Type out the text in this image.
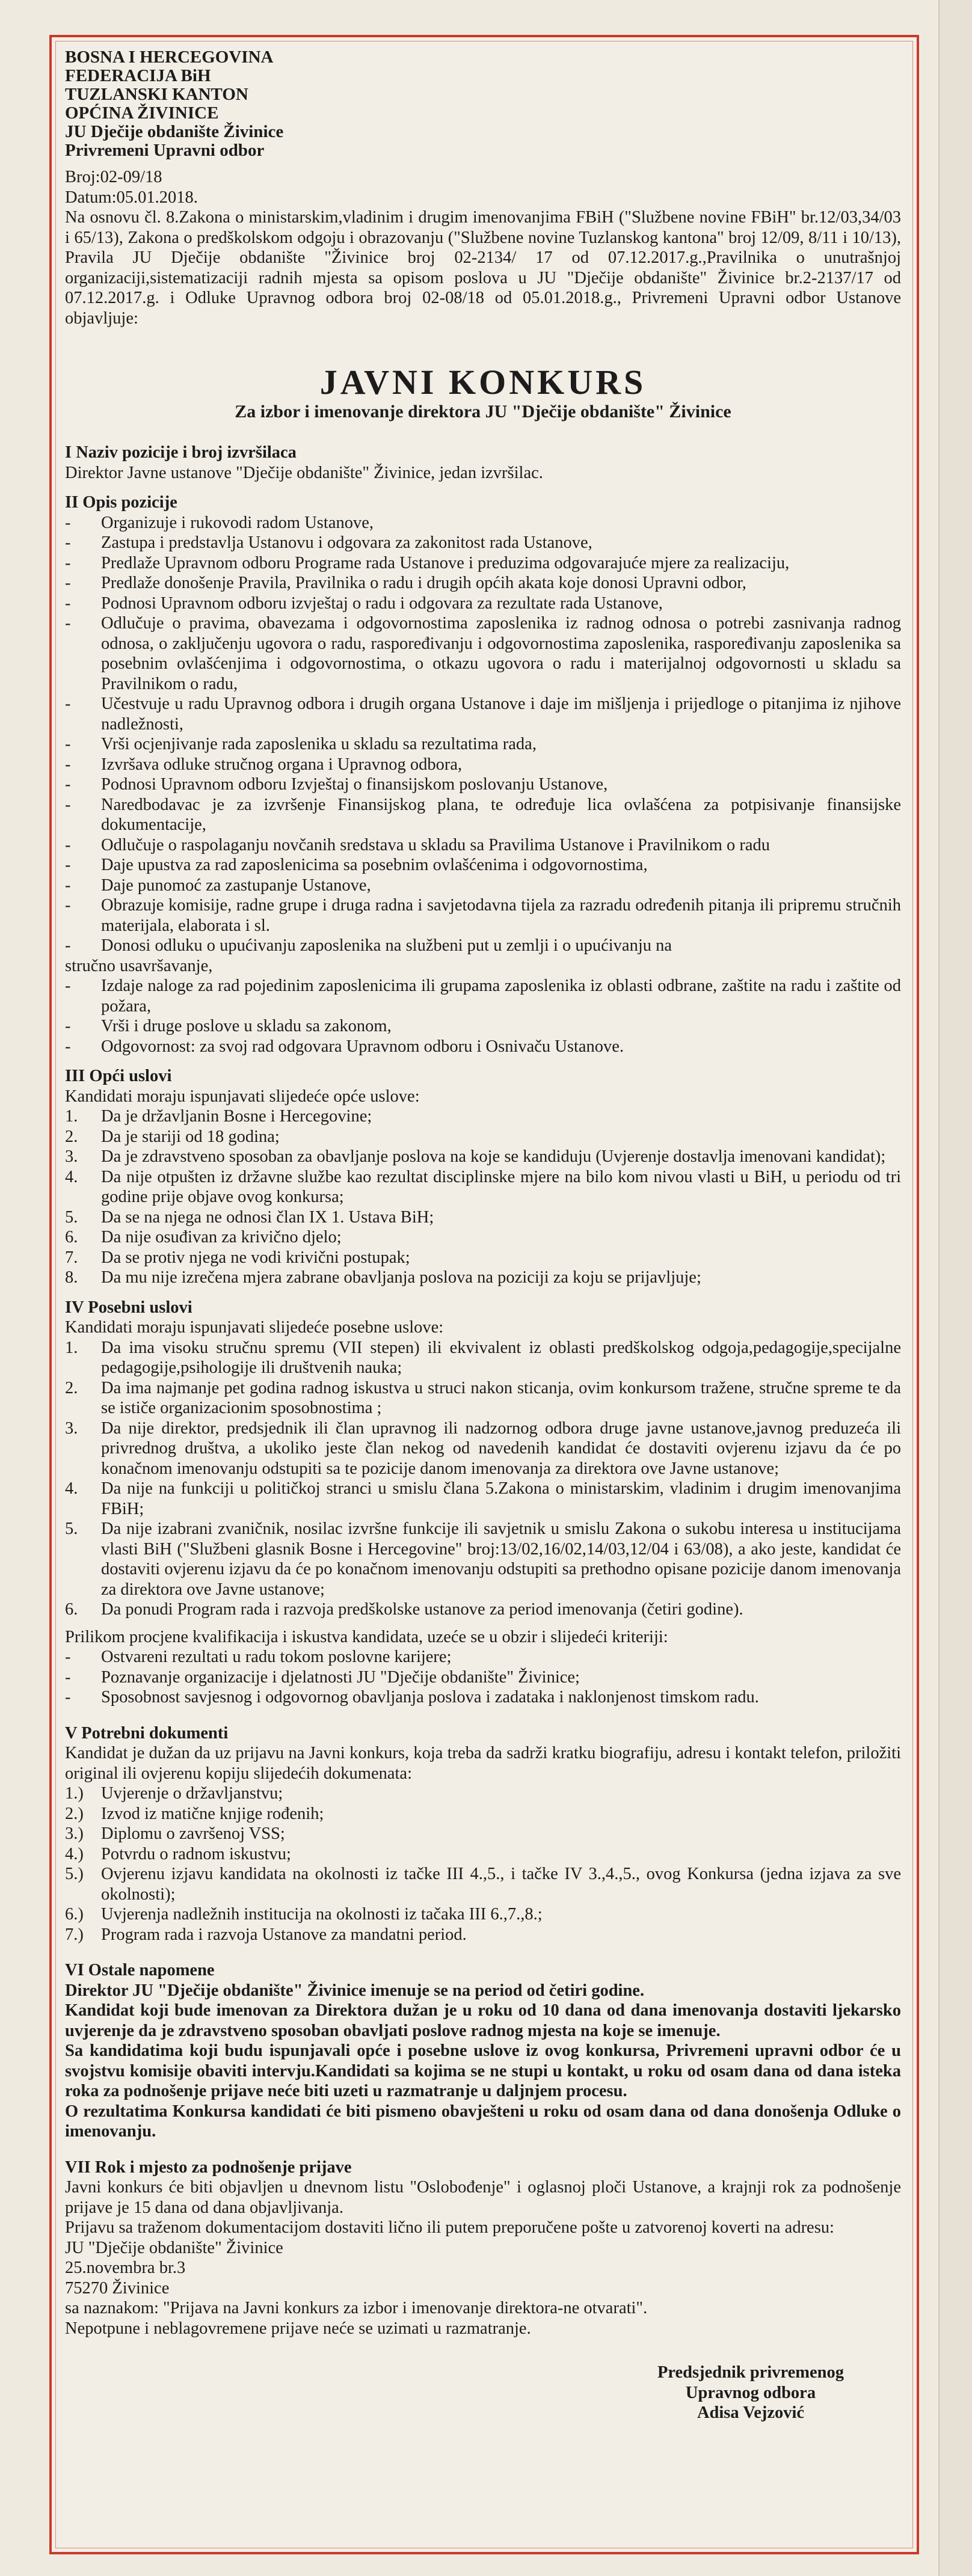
BOSNA I HERCEGOVINA
FEDERACIJA BiH
TUZLANSKI KANTON
OPĆINA ŽIVINICE
JU Dječije obdanište Živinice
Privremeni Upravni odbor
Broj:02-09/18
Datum:05.01.2018.

Na osnovu čl. 8.Zakona o ministarskim,vladinim i drugim imenovanjima FBiH ("Službene novine FBiH" br.12/03,34/03 i 65/13), Zakona o predškolskom odgoju i obrazovanju ("Službene novine Tuzlanskog kantona" broj 12/09, 8/11 i 10/13), Pravila JU Dječije obdanište "Živinice broj 02-2134/ 17 od 07.12.2017.g.,Pravilnika o unutrašnjoj organizaciji,sistematizaciji radnih mjesta sa opisom poslova u JU "Dječije obdanište" Živinice br.2-2137/17 od 07.12.2017.g. i Odluke Upravnog odbora broj 02-08/18 od 05.01.2018.g., Privremeni Upravni odbor Ustanove objavljuje:

JAVNI KONKURS
Za izbor i imenovanje direktora JU "Dječije obdanište" Živinice
I Naziv pozicije i broj izvršilaca

Direktor Javne ustanove "Dječije obdanište" Živinice, jedan izvršilac.

II Opis pozicije
- Organizuje i rukovodi radom Ustanove,
- Zastupa i predstavlja Ustanovu i odgovara za zakonitost rada Ustanove,
- Predlaže Upravnom odboru Programe rada Ustanove i preduzima odgovarajuće mjere za realizaciju,
- Predlaže donošenje Pravila, Pravilnika o radu i drugih općih akata koje donosi Upravni odbor,
- Podnosi Upravnom odboru izvještaj o radu i odgovara za rezultate rada Ustanove,
- Odlučuje o pravima, obavezama i odgovornostima zaposlenika iz radnog odnosa o potrebi zasnivanja radnog odnosa, o zaključenju ugovora o radu, raspoređivanju i odgovornostima zaposlenika, raspoređivanju zaposlenika sa posebnim ovlašćenjima i odgovornostima, o otkazu ugovora o radu i materijalnoj odgovornosti u skladu sa Pravilnikom o radu,
- Učestvuje u radu Upravnog odbora i drugih organa Ustanove i daje im mišljenja i prijedloge o pitanjima iz njihove nadležnosti,
- Vrši ocjenjivanje rada zaposlenika u skladu sa rezultatima rada,
- Izvršava odluke stručnog organa i Upravnog odbora,
- Podnosi Upravnom odboru Izvještaj o finansijskom poslovanju Ustanove,
- Naredbodavac je za izvršenje Finansijskog plana, te određuje lica ovlašćena za potpisivanje finansijske dokumentacije,
- Odlučuje o raspolaganju novčanih sredstava u skladu sa Pravilima Ustanove i Pravilnikom o radu
- Daje upustva za rad zaposlenicima sa posebnim ovlašćenima i odgovornostima,
- Daje punomoć za zastupanje Ustanove,
- Obrazuje komisije, radne grupe i druga radna i savjetodavna tijela za razradu određenih pitanja ili pripremu stručnih materijala, elaborata i sl.
- Donosi odluku o upućivanju zaposlenika na službeni put u zemlji i o upućivanju na

stručno usavršavanje,

- Izdaje naloge za rad pojedinim zaposlenicima ili grupama zaposlenika iz oblasti odbrane, zaštite na radu i zaštite od požara,
- Vrši i druge poslove u skladu sa zakonom,
- Odgovornost: za svoj rad odgovara Upravnom odboru i Osnivaču Ustanove.
III Opći uslovi

Kandidati moraju ispunjavati slijedeće opće uslove:

1. Da je državljanin Bosne i Hercegovine;
2. Da je stariji od 18 godina;
3. Da je zdravstveno sposoban za obavljanje poslova na koje se kandiduju (Uvjerenje dostavlja imenovani kandidat);
4. Da nije otpušten iz državne službe kao rezultat disciplinske mjere na bilo kom nivou vlasti u BiH, u periodu od tri godine prije objave ovog konkursa;
5. Da se na njega ne odnosi član IX 1. Ustava BiH;
6. Da nije osuđivan za krivično djelo;
7. Da se protiv njega ne vodi krivični postupak;
8. Da mu nije izrečena mjera zabrane obavljanja poslova na poziciji za koju se prijavljuje;
IV Posebni uslovi

Kandidati moraju ispunjavati slijedeće posebne uslove:

1. Da ima visoku stručnu spremu (VII stepen) ili ekvivalent iz oblasti predškolskog odgoja,pedagogije,specijalne pedagogije,psihologije ili društvenih nauka;
2. Da ima najmanje pet godina radnog iskustva u struci nakon sticanja, ovim konkursom tražene, stručne spreme te da se ističe organizacionim sposobnostima ;
3. Da nije direktor, predsjednik ili član upravnog ili nadzornog odbora druge javne ustanove,javnog preduzeća ili privrednog društva, a ukoliko jeste član nekog od navedenih kandidat će dostaviti ovjerenu izjavu da će po konačnom imenovanju odstupiti sa te pozicije danom imenovanja za direktora ove Javne ustanove;
4. Da nije na funkciji u političkoj stranci u smislu člana 5.Zakona o ministarskim, vladinim i drugim imenovanjima FBiH;
5. Da nije izabrani zvaničnik, nosilac izvršne funkcije ili savjetnik u smislu Zakona o sukobu interesa u institucijama vlasti BiH ("Službeni glasnik Bosne i Hercegovine" broj:13/02,16/02,14/03,12/04 i 63/08), a ako jeste, kandidat će dostaviti ovjerenu izjavu da će po konačnom imenovanju odstupiti sa prethodno opisane pozicije danom imenovanja za direktora ove Javne ustanove;
6. Da ponudi Program rada i razvoja predškolske ustanove za period imenovanja (četiri godine).

Prilikom procjene kvalifikacija i iskustva kandidata, uzeće se u obzir i slijedeći kriteriji:

- Ostvareni rezultati u radu tokom poslovne karijere;
- Poznavanje organizacije i djelatnosti JU "Dječije obdanište" Živinice;
- Sposobnost savjesnog i odgovornog obavljanja poslova i zadataka i naklonjenost timskom radu.
V Potrebni dokumenti

Kandidat je dužan da uz prijavu na Javni konkurs, koja treba da sadrži kratku biografiju, adresu i kontakt telefon, priložiti original ili ovjerenu kopiju slijedećih dokumenata:

1.) Uvjerenje o državljanstvu;
2.) Izvod iz matične knjige rođenih;
3.) Diplomu o završenoj VSS;
4.) Potvrdu o radnom iskustvu;
5.) Ovjerenu izjavu kandidata na okolnosti iz tačke III 4.,5., i tačke IV 3.,4.,5., ovog Konkursa (jedna izjava za sve okolnosti);
6.) Uvjerenja nadležnih institucija na okolnosti iz tačaka III 6.,7.,8.;
7.) Program rada i razvoja Ustanove za mandatni period.
VI Ostale napomene

Direktor JU "Dječije obdanište" Živinice imenuje se na period od četiri godine.

Kandidat koji bude imenovan za Direktora dužan je u roku od 10 dana od dana imenovanja dostaviti ljekarsko uvjerenje da je zdravstveno sposoban obavljati poslove radnog mjesta na koje se imenuje.

Sa kandidatima koji budu ispunjavali opće i posebne uslove iz ovog konkursa, Privremeni upravni odbor će u svojstvu komisije obaviti intervju.Kandidati sa kojima se ne stupi u kontakt, u roku od osam dana od dana isteka roka za podnošenje prijave neće biti uzeti u razmatranje u daljnjem procesu.

O rezultatima Konkursa kandidati će biti pismeno obavješteni u roku od osam dana od dana donošenja Odluke o imenovanju.

VII Rok i mjesto za podnošenje prijave

Javni konkurs će biti objavljen u dnevnom listu "Oslobođenje" i oglasnoj ploči Ustanove, a krajnji rok za podnošenje prijave je 15 dana od dana objavljivanja.

Prijavu sa traženom dokumentacijom dostaviti lično ili putem preporučene pošte u zatvorenoj koverti na adresu:

JU "Dječije obdanište" Živinice

25.novembra br.3

75270 Živinice

sa naznakom: "Prijava na Javni konkurs za izbor i imenovanje direktora-ne otvarati".

Nepotpune i neblagovremene prijave neće se uzimati u razmatranje.

Predsjednik privremenog
Upravnog odbora
Adisa Vejzović
